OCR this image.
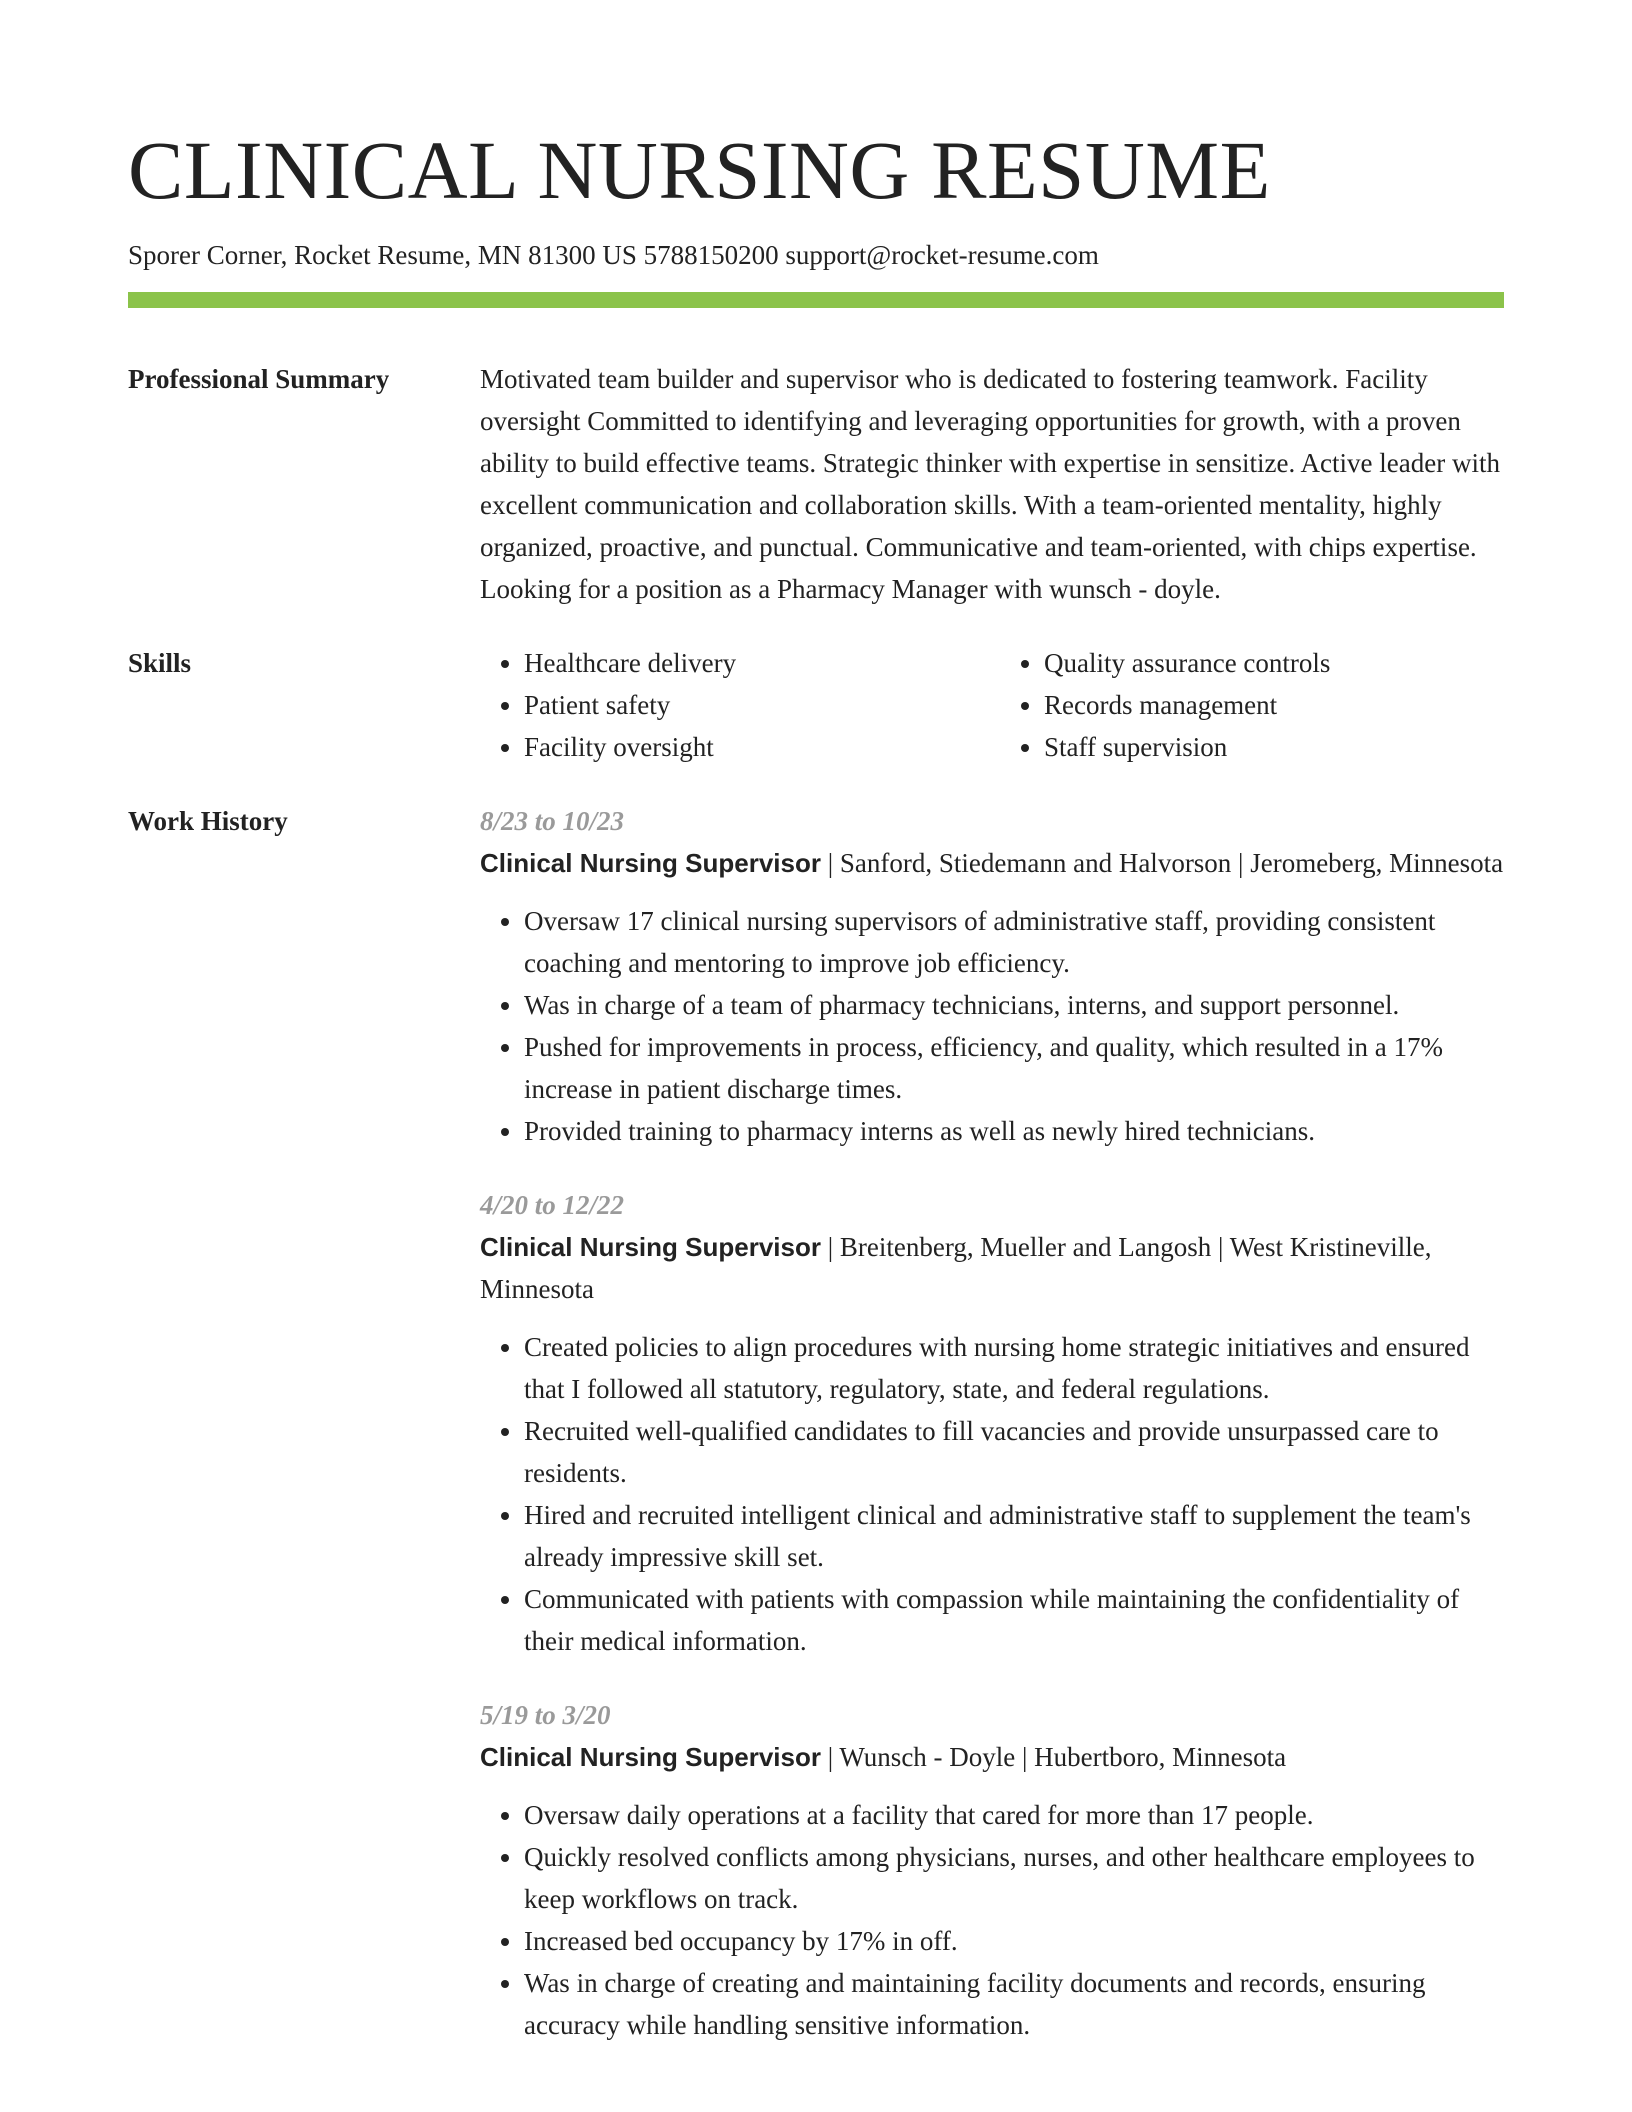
CLINICAL NURSING RESUME
Sporer Corner, Rocket Resume, MN 81300 US 5788150200 support@rocket-resume.com
Professional Summary	Motivated team builder and supervisor who is dedicated to fostering teamwork. Facility oversight Committed to identifying and leveraging opportunities for growth, with a proven ability to build effective teams. Strategic thinker with expertise in sensitize. Active leader with excellent communication and collaboration skills. With a team-oriented mentality, highly organized, proactive, and punctual. Communicative and team-oriented, with chips expertise. Looking for a position as a Pharmacy Manager with wunsch - doyle.

Skills
•	Healthcare delivery
• Patient safety
• Facility oversight
• Quality assurance controls
• Records management
• Staff supervision
Work History	8/23 to 10/23
Clinical Nursing Supervisor | Sanford, Stiedemann and Halvorson | Jeromeberg, Minnesota
• Oversaw 17 clinical nursing supervisors of administrative staff, providing consistent coaching and mentoring to improve job efficiency.
• Was in charge of a team of pharmacy technicians, interns, and support personnel.
• Pushed for improvements in process, efficiency, and quality, which resulted in a 17% increase in patient discharge times.
• Provided training to pharmacy interns as well as newly hired technicians.
4/20 to 12/22
Clinical Nursing Supervisor | Breitenberg, Mueller and Langosh | West Kristineville, Minnesota
• Created policies to align procedures with nursing home strategic initiatives and ensured that I followed all statutory, regulatory, state, and federal regulations.
• Recruited well-qualified candidates to fill vacancies and provide unsurpassed care to residents.
• Hired and recruited intelligent clinical and administrative staff to supplement the team's already impressive skill set.
• Communicated with patients with compassion while maintaining the confidentiality of their medical information.
5/19 to 3/20
Clinical Nursing Supervisor | Wunsch - Doyle | Hubertboro, Minnesota
• Oversaw daily operations at a facility that cared for more than 17 people.
• Quickly resolved conflicts among physicians, nurses, and other healthcare employees to keep workflows on track.
• Increased bed occupancy by 17% in off.
• Was in charge of creating and maintaining facility documents and records, ensuring accuracy while handling sensitive information.
